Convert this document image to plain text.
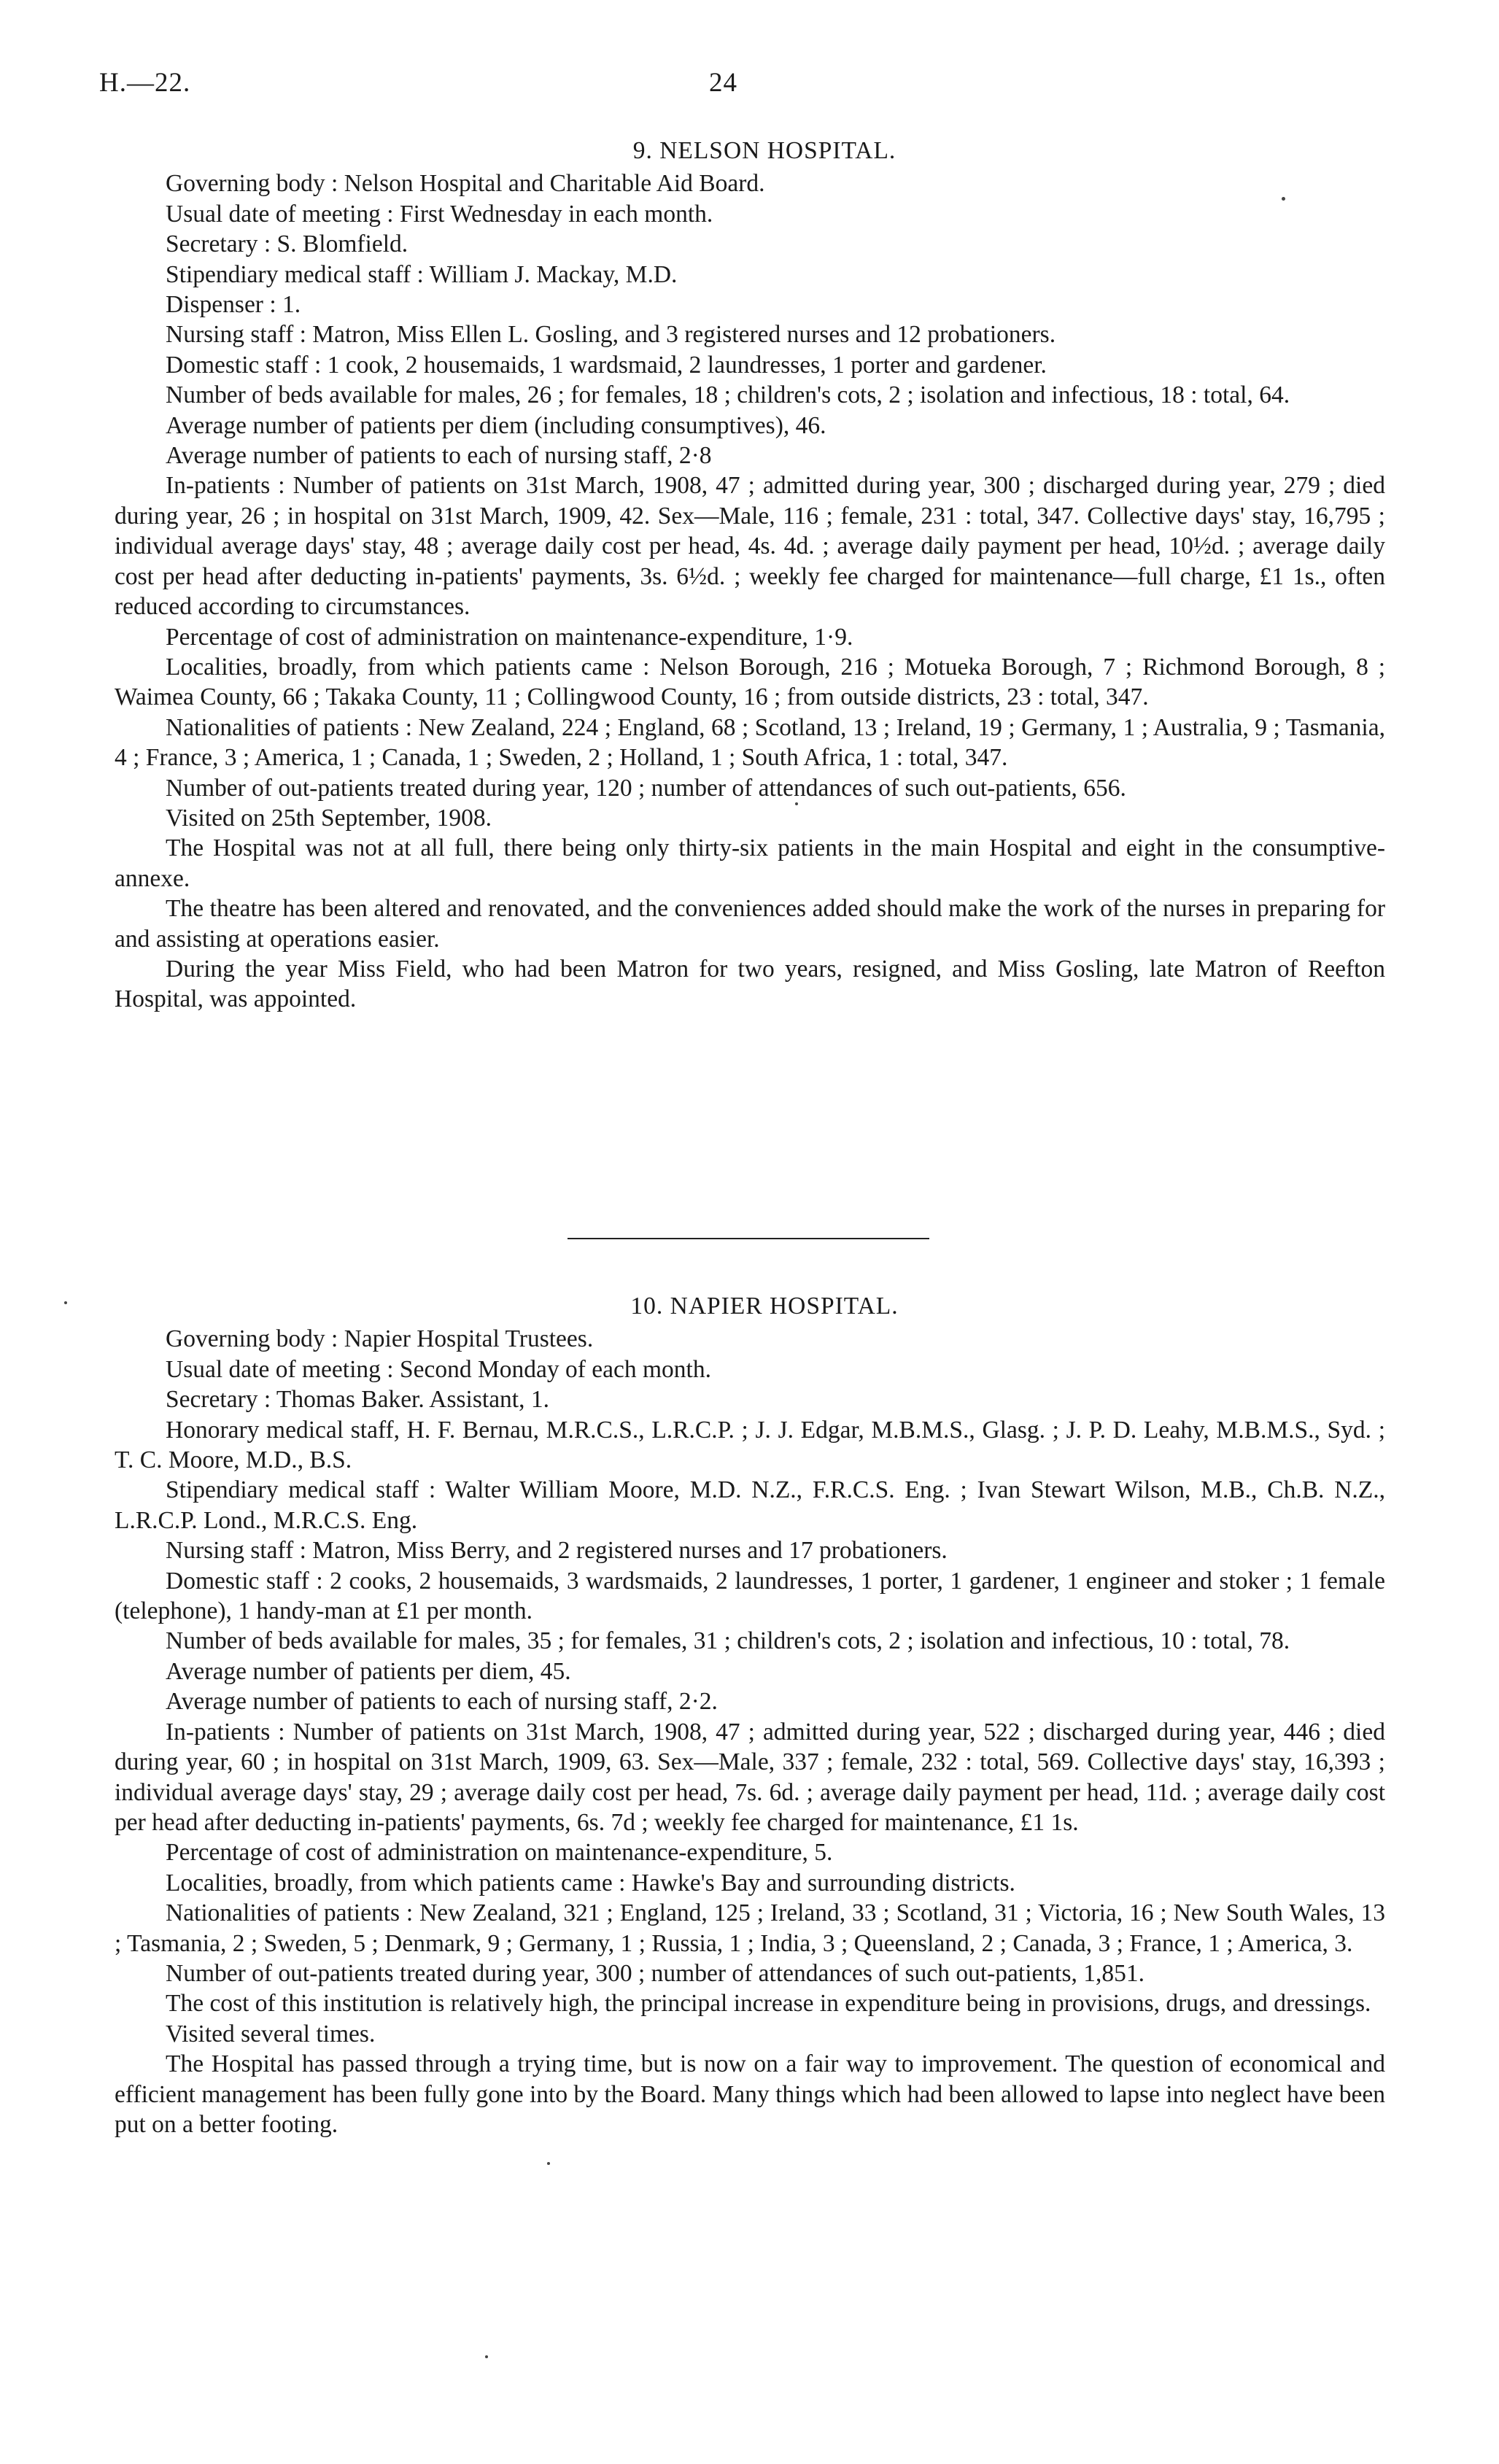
H.—22.	24
9. NELSON HOSPITAL.

Governing body : Nelson Hospital and Charitable Aid Board.

Usual date of meeting : First Wednesday in each month.

Secretary : S. Blomfield.

Stipendiary medical staff : William J. Mackay, M.D.

Dispenser : 1.

Nursing staff : Matron, Miss Ellen L. Gosling, and 3 registered nurses and 12 probationers.

Domestic staff : 1 cook, 2 housemaids, 1 wardsmaid, 2 laundresses, 1 porter and gardener.

Number of beds available for males, 26 ; for females, 18 ; children's cots, 2 ; isolation and infectious, 18 : total, 64.

Average number of patients per diem (including consumptives), 46.

Average number of patients to each of nursing staff, 2·8

In-patients : Number of patients on 31st March, 1908, 47 ; admitted during year, 300 ; discharged during year, 279 ; died during year, 26 ; in hospital on 31st March, 1909, 42. Sex—Male, 116 ; female, 231 : total, 347. Collective days' stay, 16,795 ; individual average days' stay, 48 ; average daily cost per head, 4s. 4d. ; average daily payment per head, 10½d. ; average daily cost per head after deducting in-patients' payments, 3s. 6½d. ; weekly fee charged for maintenance—full charge, £1 1s., often reduced according to circumstances.

Percentage of cost of administration on maintenance-expenditure, 1·9.

Localities, broadly, from which patients came : Nelson Borough, 216 ; Motueka Borough, 7 ; Richmond Borough, 8 ; Waimea County, 66 ; Takaka County, 11 ; Collingwood County, 16 ; from outside districts, 23 : total, 347.

Nationalities of patients : New Zealand, 224 ; England, 68 ; Scotland, 13 ; Ireland, 19 ; Germany, 1 ; Australia, 9 ; Tasmania, 4 ; France, 3 ; America, 1 ; Canada, 1 ; Sweden, 2 ; Holland, 1 ; South Africa, 1 : total, 347.

Number of out-patients treated during year, 120 ; number of attendances of such out-patients, 656.

Visited on 25th September, 1908.

The Hospital was not at all full, there being only thirty-six patients in the main Hospital and eight in the consumptive-annexe.

The theatre has been altered and renovated, and the conveniences added should make the work of the nurses in preparing for and assisting at operations easier.

During the year Miss Field, who had been Matron for two years, resigned, and Miss Gosling, late Matron of Reefton Hospital, was appointed.

10. NAPIER HOSPITAL.

Governing body : Napier Hospital Trustees.

Usual date of meeting : Second Monday of each month.

Secretary : Thomas Baker. Assistant, 1.

Honorary medical staff, H. F. Bernau, M.R.C.S., L.R.C.P. ; J. J. Edgar, M.B.M.S., Glasg. ; J. P. D. Leahy, M.B.M.S., Syd. ; T. C. Moore, M.D., B.S.

Stipendiary medical staff : Walter William Moore, M.D. N.Z., F.R.C.S. Eng. ; Ivan Stewart Wilson, M.B., Ch.B. N.Z., L.R.C.P. Lond., M.R.C.S. Eng.

Nursing staff : Matron, Miss Berry, and 2 registered nurses and 17 probationers.

Domestic staff : 2 cooks, 2 housemaids, 3 wardsmaids, 2 laundresses, 1 porter, 1 gardener, 1 engineer and stoker ; 1 female (telephone), 1 handy-man at £1 per month.

Number of beds available for males, 35 ; for females, 31 ; children's cots, 2 ; isolation and infectious, 10 : total, 78.

Average number of patients per diem, 45.

Average number of patients to each of nursing staff, 2·2.

In-patients : Number of patients on 31st March, 1908, 47 ; admitted during year, 522 ; discharged during year, 446 ; died during year, 60 ; in hospital on 31st March, 1909, 63. Sex—Male, 337 ; female, 232 : total, 569. Collective days' stay, 16,393 ; individual average days' stay, 29 ; average daily cost per head, 7s. 6d. ; average daily payment per head, 11d. ; average daily cost per head after deducting in-patients' payments, 6s. 7d ; weekly fee charged for maintenance, £1 1s.

Percentage of cost of administration on maintenance-expenditure, 5.

Localities, broadly, from which patients came : Hawke's Bay and surrounding districts.

Nationalities of patients : New Zealand, 321 ; England, 125 ; Ireland, 33 ; Scotland, 31 ; Victoria, 16 ; New South Wales, 13 ; Tasmania, 2 ; Sweden, 5 ; Denmark, 9 ; Germany, 1 ; Russia, 1 ; India, 3 ; Queensland, 2 ; Canada, 3 ; France, 1 ; America, 3.

Number of out-patients treated during year, 300 ; number of attendances of such out-patients, 1,851.

The cost of this institution is relatively high, the principal increase in expenditure being in provisions, drugs, and dressings.

Visited several times.

The Hospital has passed through a trying time, but is now on a fair way to improvement. The question of economical and efficient management has been fully gone into by the Board. Many things which had been allowed to lapse into neglect have been put on a better footing.
